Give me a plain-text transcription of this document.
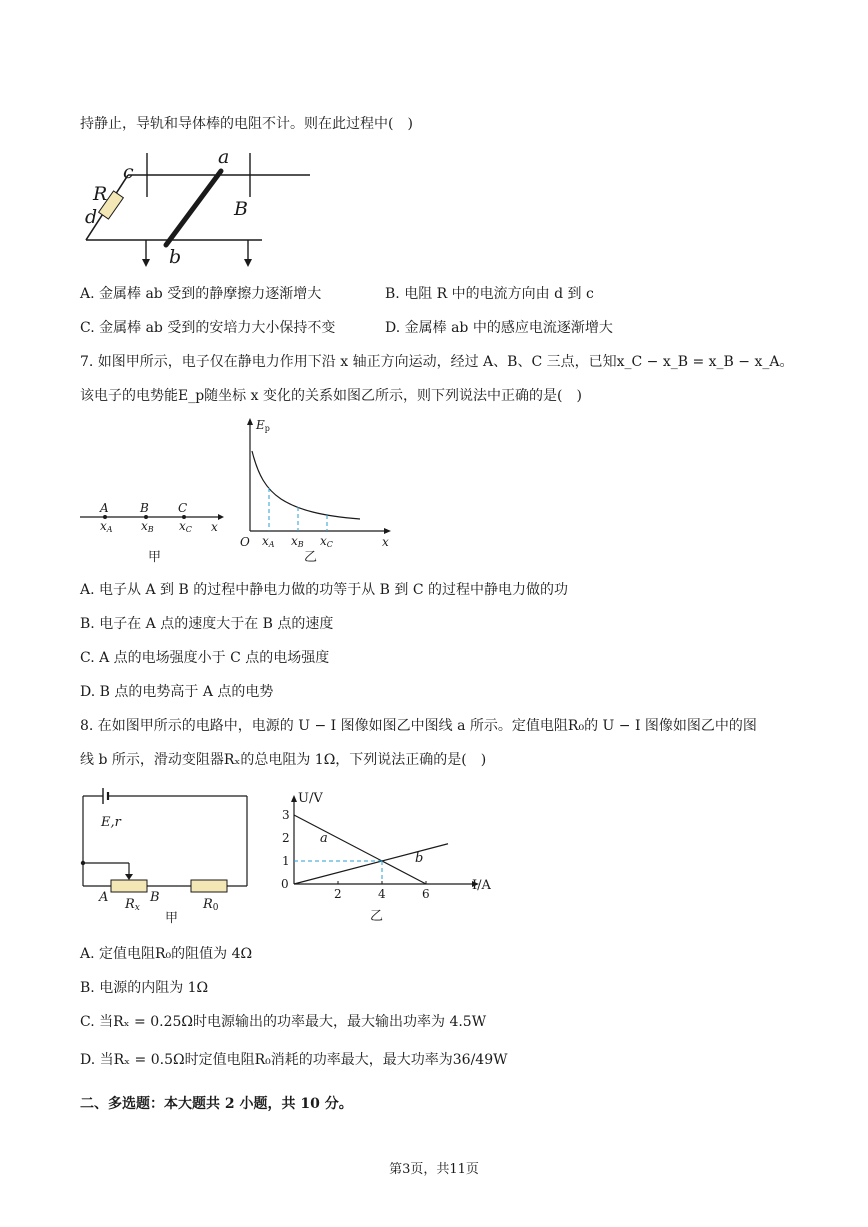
持静止，导轨和导体棒的电阻不计。则在此过程中(　)
a
b
c
d
R
B
A. 金属棒 ab 受到的静摩擦力逐渐增大	B. 电阻 R 中的电流方向由 d 到 c
C. 金属棒 ab 受到的安培力大小保持不变	D. 金属棒 ab 中的感应电流逐渐增大
7. 如图甲所示，电子仅在静电力作用下沿 x 轴正方向运动，经过 A、B、C 三点，已知x_C − x_B = x_B − x_A。
该电子的电势能E_p随坐标 x 变化的关系如图乙所示，则下列说法中正确的是(　)
A	B C
xA xB xC x
甲
Ep
O xA xB xC	x
乙
A. 电子从 A 到 B 的过程中静电力做的功等于从 B 到 C 的过程中静电力做的功
B. 电子在 A 点的速度大于在 B 点的速度
C. A 点的电场强度小于 C 点的电场强度
D. B 点的电势高于 A 点的电势
8. 在如图甲所示的电路中，电源的 U − I 图像如图乙中图线 a 所示。定值电阻R₀的 U − I 图像如图乙中的图
线 b 所示，滑动变阻器Rₓ的总电阻为 1Ω，下列说法正确的是(　)
E,r
A	B
Rx	R0
甲
3
2
1
2	4	6
U/V
I/A
0
a
b
乙
A. 定值电阻R₀的阻值为 4Ω
B. 电源的内阻为 1Ω
C. 当Rₓ = 0.25Ω时电源输出的功率最大，最大输出功率为 4.5W
D. 当Rₓ = 0.5Ω时定值电阻R₀消耗的功率最大，最大功率为36/49W
二、多选题：本大题共 2 小题，共 10 分。
第3页，共11页
